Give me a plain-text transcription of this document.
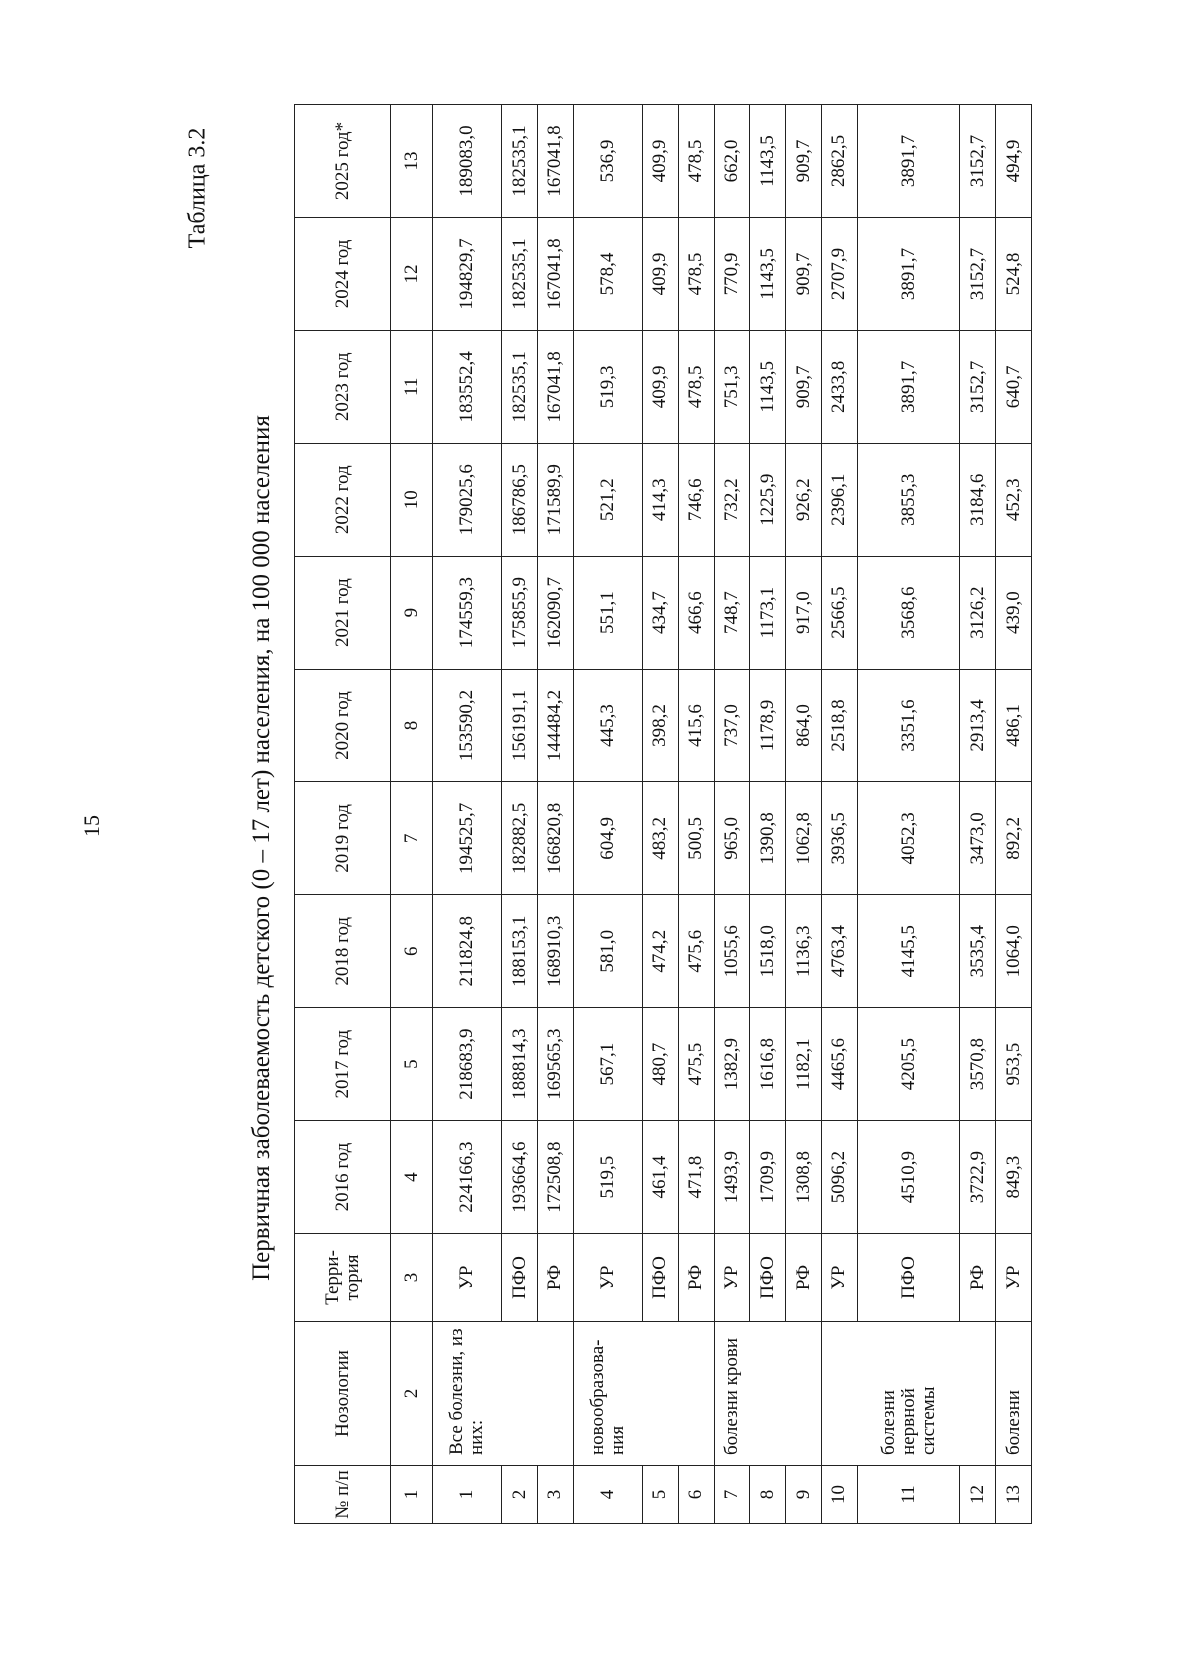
15
Таблица 3.2
Первичная заболеваемость детского (0 – 17 лет) населения, на 100 000 населения
№ п/п	Нозологии	Терри-тория	2016 год	2017 год	2018 год	2019 год	2020 год	2021 год	2022 год	2023 год	2024 год	2025 год*
1	2	3	4	5	6	7	8	9	10	11	12	13
1	Все болезни, из них:	УР	224166,3	218683,9	211824,8	194525,7	153590,2	174559,3	179025,6	183552,4	194829,7	189083,0
2		ПФО	193664,6	188814,3	188153,1	182882,5	156191,1	175855,9	186786,5	182535,1	182535,1	182535,1
3		РФ	172508,8	169565,3	168910,3	166820,8	144484,2	162090,7	171589,9	167041,8	167041,8	167041,8
4	новообразова-ния	УР	519,5	567,1	581,0	604,9	445,3	551,1	521,2	519,3	578,4	536,9
5		ПФО	461,4	480,7	474,2	483,2	398,2	434,7	414,3	409,9	409,9	409,9
6		РФ	471,8	475,5	475,6	500,5	415,6	466,6	746,6	478,5	478,5	478,5
7	болезни крови	УР	1493,9	1382,9	1055,6	965,0	737,0	748,7	732,2	751,3	770,9	662,0
8		ПФО	1709,9	1616,8	1518,0	1390,8	1178,9	1173,1	1225,9	1143,5	1143,5	1143,5
9		РФ	1308,8	1182,1	1136,3	1062,8	864,0	917,0	926,2	909,7	909,7	909,7
10		УР	5096,2	4465,6	4763,4	3936,5	2518,8	2566,5	2396,1	2433,8	2707,9	2862,5
11	болезни нервной системы	ПФО	4510,9	4205,5	4145,5	4052,3	3351,6	3568,6	3855,3	3891,7	3891,7	3891,7
12		РФ	3722,9	3570,8	3535,4	3473,0	2913,4	3126,2	3184,6	3152,7	3152,7	3152,7
13	болезни	УР	849,3	953,5	1064,0	892,2	486,1	439,0	452,3	640,7	524,8	494,9
